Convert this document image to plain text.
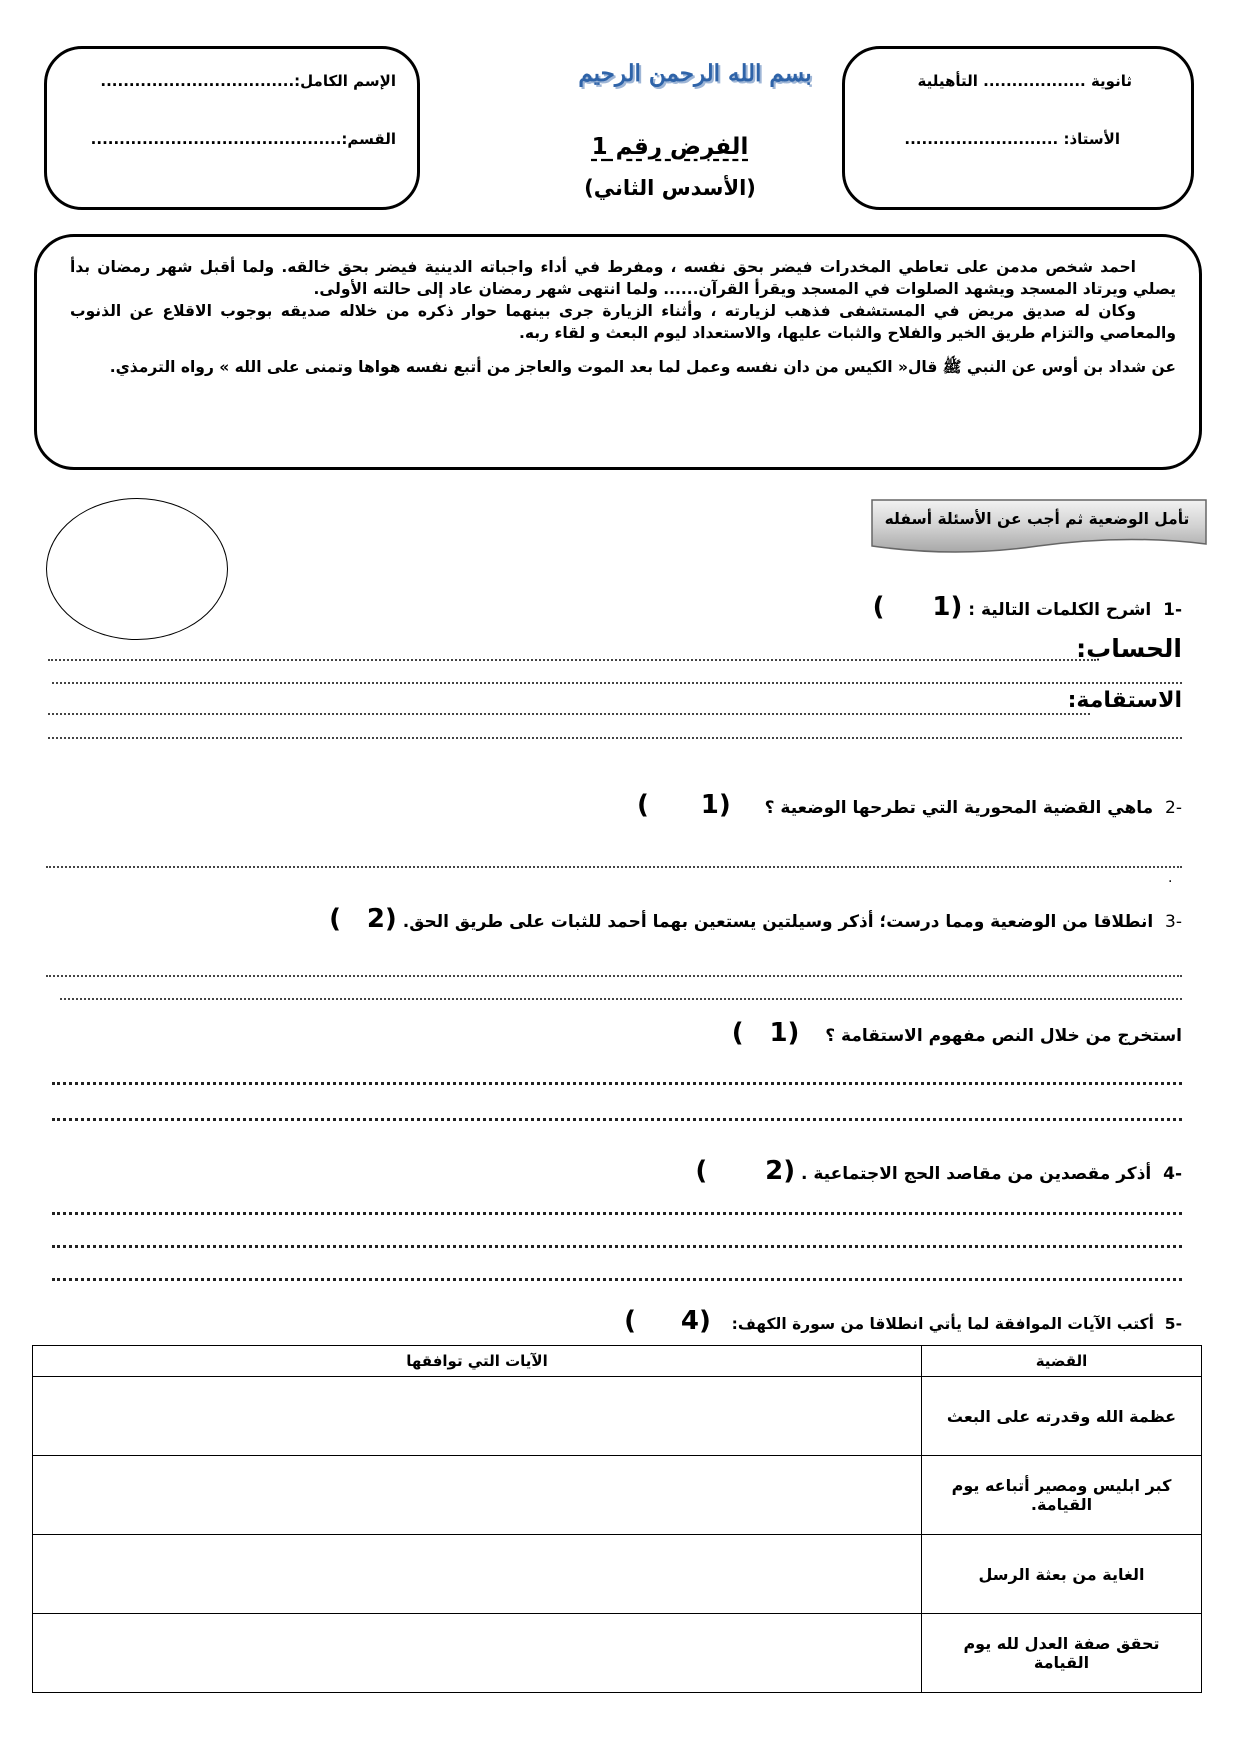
ثانوية .................. التأهيلية
الأستاذ: ...........................
الإسم الكامل:..................................
القسم:............................................
بسم الله الرحمن الرحيم
الفرض رقم 1
(الأسدس الثاني)
احمد شخص مدمن على تعاطي المخدرات فيضر بحق نفسه ، ومفرط في أداء واجباته الدينية فيضر بحق خالقه. ولما أقبل شهر رمضان بدأ يصلي ويرتاد المسجد ويشهد الصلوات في المسجد ويقرأ القرآن...... ولما انتهى شهر رمضان عاد إلى حالته الأولى.
وكان له صديق مريض في المستشفى فذهب لزيارته ، وأثناء الزيارة جرى بينهما حوار ذكره من خلاله صديقه بوجوب الاقلاع عن الذنوب والمعاصي والتزام طريق الخير والفلاح والثبات عليها، والاستعداد ليوم البعث و لقاء ربه.
عن شداد بن أوس عن النبي ﷺ قال« الكيس من دان نفسه وعمل لما بعد الموت والعاجز من أتبع نفسه هواها وتمنى على الله » رواه الترمذي.
تأمل الوضعية ثم أجب عن الأسئلة أسفله
-1  اشرح الكلمات التالية : (1  )
الحساب:
الاستقامة:
-2  ماهي القضية المحورية التي تطرحها الوضعية ؟  (1  )
.
-3  انطلاقا من الوضعية ومما درست؛ أذكر وسيلتين يستعين بهما أحمد للثبات على طريق الحق. (2  )
استخرج من خلال النص مفهوم الاستقامة ؟  (1  )
-4  أذكر مقصدين من مقاصد الحج الاجتماعية . (2  )
-5  أكتب الآيات الموافقة لما يأتي انطلاقا من سورة الكهف:  (4  )
القضية	الآيات التي توافقها
عظمة الله وقدرته على البعث	
كبر ابليس ومصير أتباعه يوم القيامة.	
الغاية من بعثة الرسل	
تحقق صفة العدل لله يوم القيامة	
